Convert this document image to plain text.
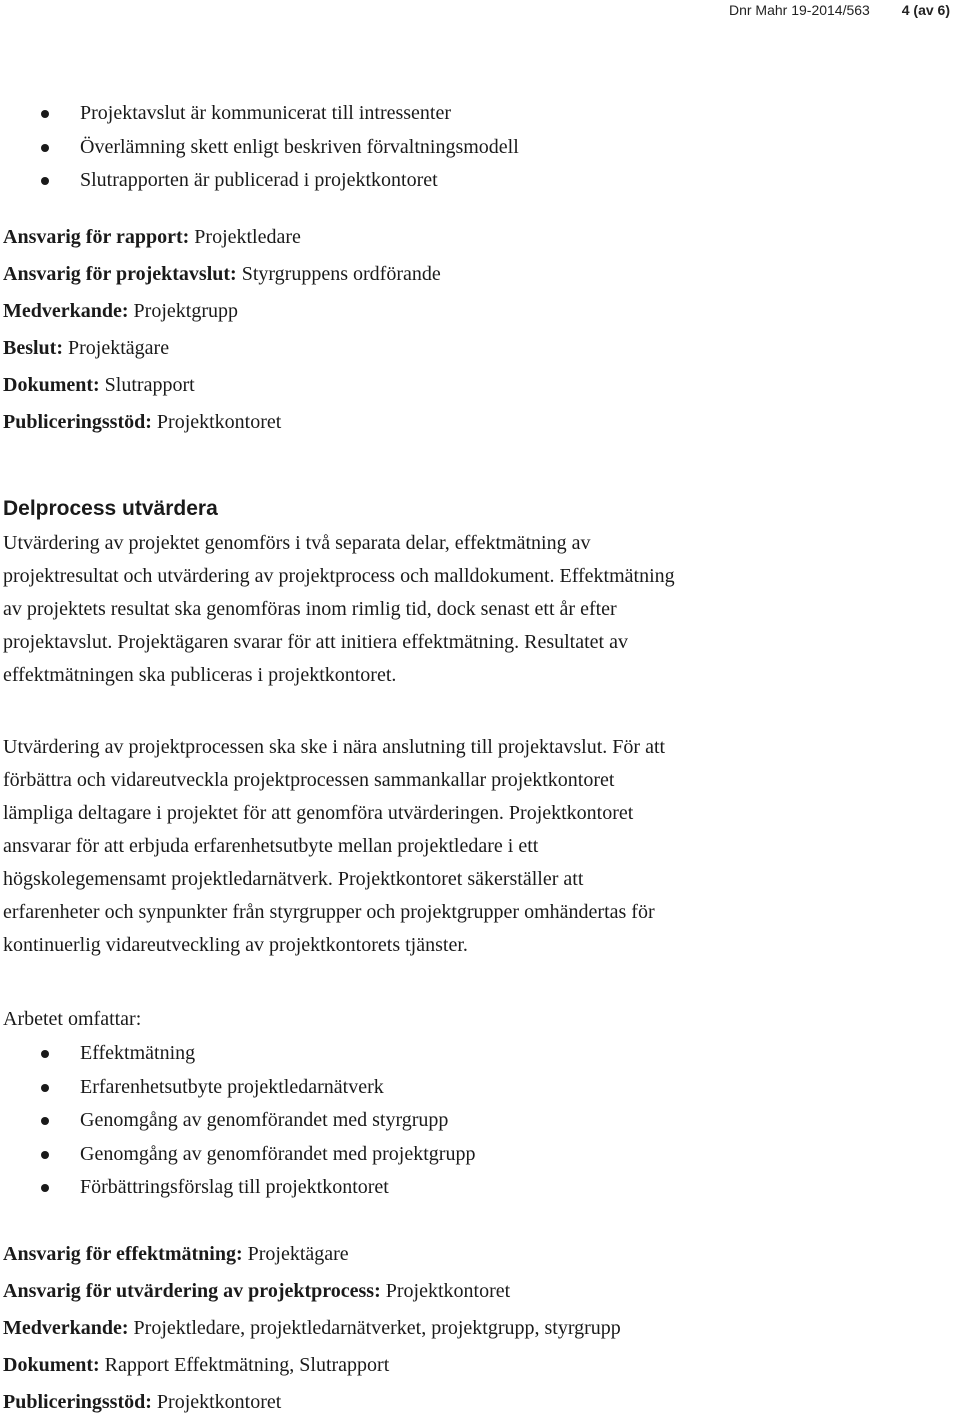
Dnr Mahr 19-2014/563 4 (av 6)
Projektavslut är kommunicerat till intressenter
Överlämning skett enligt beskriven förvaltningsmodell
Slutrapporten är publicerad i projektkontoret
Ansvarig för rapport: Projektledare
Ansvarig för projektavslut: Styrgruppens ordförande
Medverkande: Projektgrupp
Beslut: Projektägare
Dokument: Slutrapport
Publiceringsstöd: Projektkontoret
Delprocess utvärdera
Utvärdering av projektet genomförs i två separata delar, effektmätning av
projektresultat och utvärdering av projektprocess och malldokument. Effektmätning
av projektets resultat ska genomföras inom rimlig tid, dock senast ett år efter
projektavslut. Projektägaren svarar för att initiera effektmätning. Resultatet av
effektmätningen ska publiceras i projektkontoret.
Utvärdering av projektprocessen ska ske i nära anslutning till projektavslut. För att
förbättra och vidareutveckla projektprocessen sammankallar projektkontoret
lämpliga deltagare i projektet för att genomföra utvärderingen. Projektkontoret
ansvarar för att erbjuda erfarenhetsutbyte mellan projektledare i ett
högskolegemensamt projektledarnätverk. Projektkontoret säkerställer att
erfarenheter och synpunkter från styrgrupper och projektgrupper omhändertas för
kontinuerlig vidareutveckling av projektkontorets tjänster.
Arbetet omfattar:
Effektmätning
Erfarenhetsutbyte projektledarnätverk
Genomgång av genomförandet med styrgrupp
Genomgång av genomförandet med projektgrupp
Förbättringsförslag till projektkontoret
Ansvarig för effektmätning: Projektägare
Ansvarig för utvärdering av projektprocess: Projektkontoret
Medverkande: Projektledare, projektledarnätverket, projektgrupp, styrgrupp
Dokument: Rapport Effektmätning, Slutrapport
Publiceringsstöd: Projektkontoret
